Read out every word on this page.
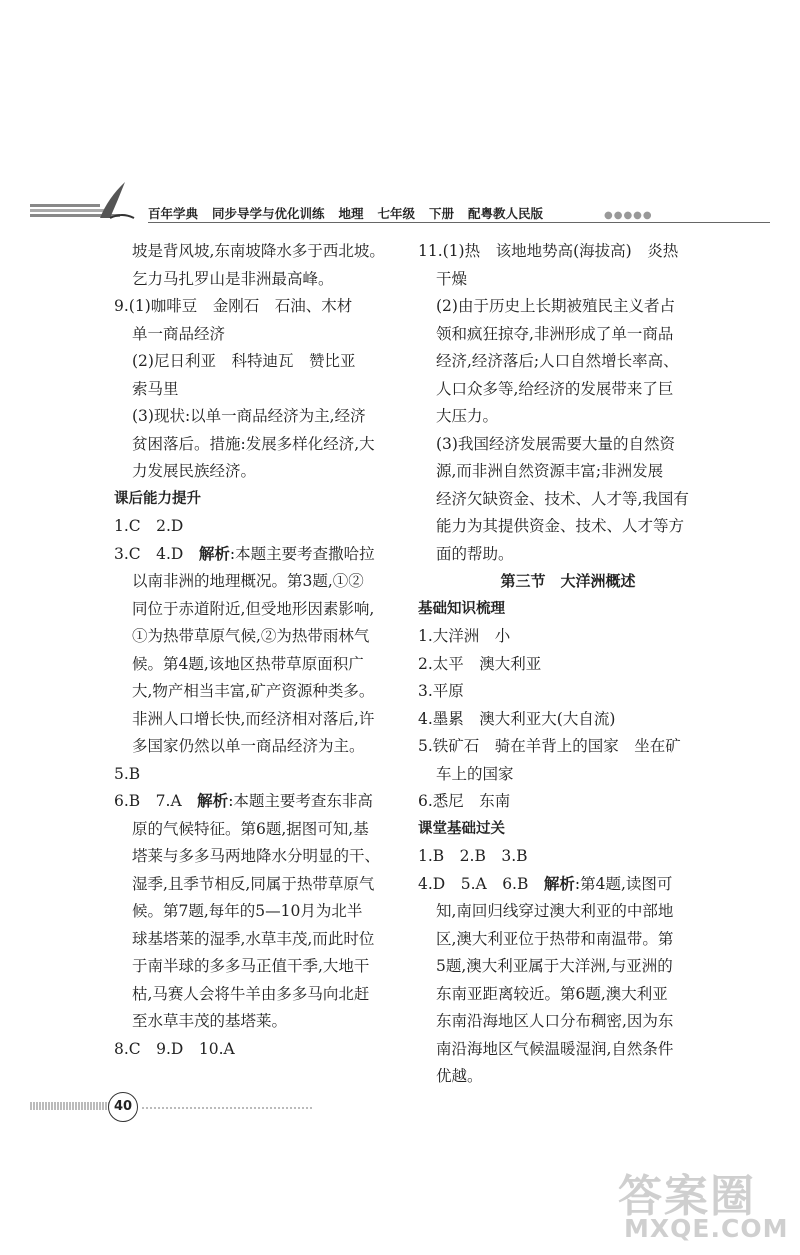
百年学典 同步导学与优化训练 地理 七年级 下册 配粤教人民版	●●●●●
坡是背风坡,东南坡降水多于西北坡。
乞力马扎罗山是非洲最高峰。
9.(1)咖啡豆　金刚石　石油、木材
单一商品经济
(2)尼日利亚　科特迪瓦　赞比亚
索马里
(3)现状:以单一商品经济为主,经济
贫困落后。措施:发展多样化经济,大
力发展民族经济。
课后能力提升
1.C　2.D
3.C　4.D　解析:本题主要考查撒哈拉
以南非洲的地理概况。第3题,①②
同位于赤道附近,但受地形因素影响,
①为热带草原气候,②为热带雨林气
候。第4题,该地区热带草原面积广
大,物产相当丰富,矿产资源种类多。
非洲人口增长快,而经济相对落后,许
多国家仍然以单一商品经济为主。
5.B
6.B　7.A　解析:本题主要考查东非高
原的气候特征。第6题,据图可知,基
塔莱与多多马两地降水分明显的干、
湿季,且季节相反,同属于热带草原气
候。第7题,每年的5—10月为北半
球基塔莱的湿季,水草丰茂,而此时位
于南半球的多多马正值干季,大地干
枯,马赛人会将牛羊由多多马向北赶
至水草丰茂的基塔莱。
8.C　9.D　10.A
11.(1)热　该地地势高(海拔高)　炎热
干燥
(2)由于历史上长期被殖民主义者占
领和疯狂掠夺,非洲形成了单一商品
经济,经济落后;人口自然增长率高、
人口众多等,给经济的发展带来了巨
大压力。
(3)我国经济发展需要大量的自然资
源,而非洲自然资源丰富;非洲发展
经济欠缺资金、技术、人才等,我国有
能力为其提供资金、技术、人才等方
面的帮助。
第三节　大洋洲概述
基础知识梳理
1.大洋洲　小
2.太平　澳大利亚
3.平原
4.墨累　澳大利亚大(大自流)
5.铁矿石　骑在羊背上的国家　坐在矿
车上的国家
6.悉尼　东南
课堂基础过关
1.B　2.B　3.B
4.D　5.A　6.B　解析:第4题,读图可
知,南回归线穿过澳大利亚的中部地
区,澳大利亚位于热带和南温带。第
5题,澳大利亚属于大洋洲,与亚洲的
东南亚距离较近。第6题,澳大利亚
东南沿海地区人口分布稠密,因为东
南沿海地区气候温暖湿润,自然条件
优越。
40
答案圈
MXQE.COM
